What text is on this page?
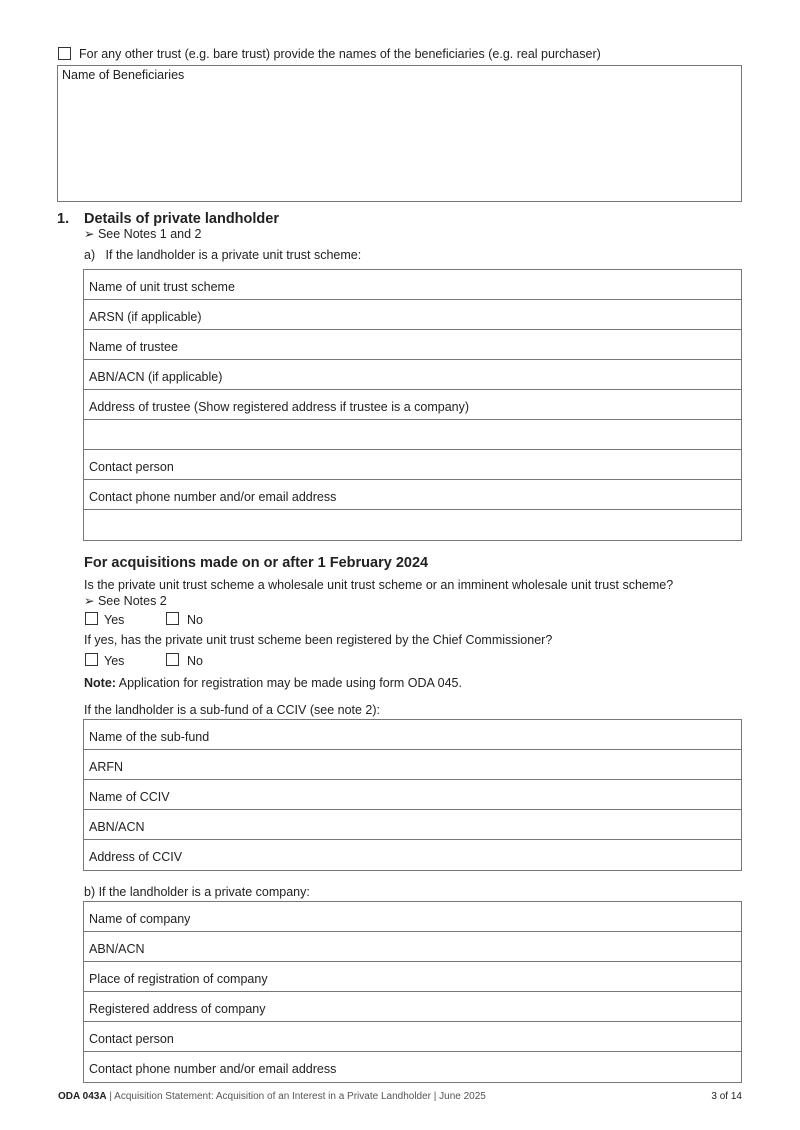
For any other trust (e.g. bare trust) provide the names of the beneficiaries (e.g. real purchaser)
Name of Beneficiaries
1. Details of private landholder
➢ See Notes 1 and 2
a)   If the landholder is a private unit trust scheme:
Name of unit trust scheme
ARSN (if applicable)
Name of trustee
ABN/ACN (if applicable)
Address of trustee (Show registered address if trustee is a company)
Contact person
Contact phone number and/or email address
For acquisitions made on or after 1 February 2024
Is the private unit trust scheme a wholesale unit trust scheme or an imminent wholesale unit trust scheme?
➢ See Notes 2
Yes	No
If yes, has the private unit trust scheme been registered by the Chief Commissioner?
Yes	No
Note: Application for registration may be made using form ODA 045.
If the landholder is a sub-fund of a CCIV (see note 2):
Name of the sub-fund
ARFN
Name of CCIV
ABN/ACN
Address of CCIV
b) If the landholder is a private company:
Name of company
ABN/ACN
Place of registration of company
Registered address of company
Contact person
Contact phone number and/or email address
ODA 043A | Acquisition Statement: Acquisition of an Interest in a Private Landholder | June 2025	3 of 14
